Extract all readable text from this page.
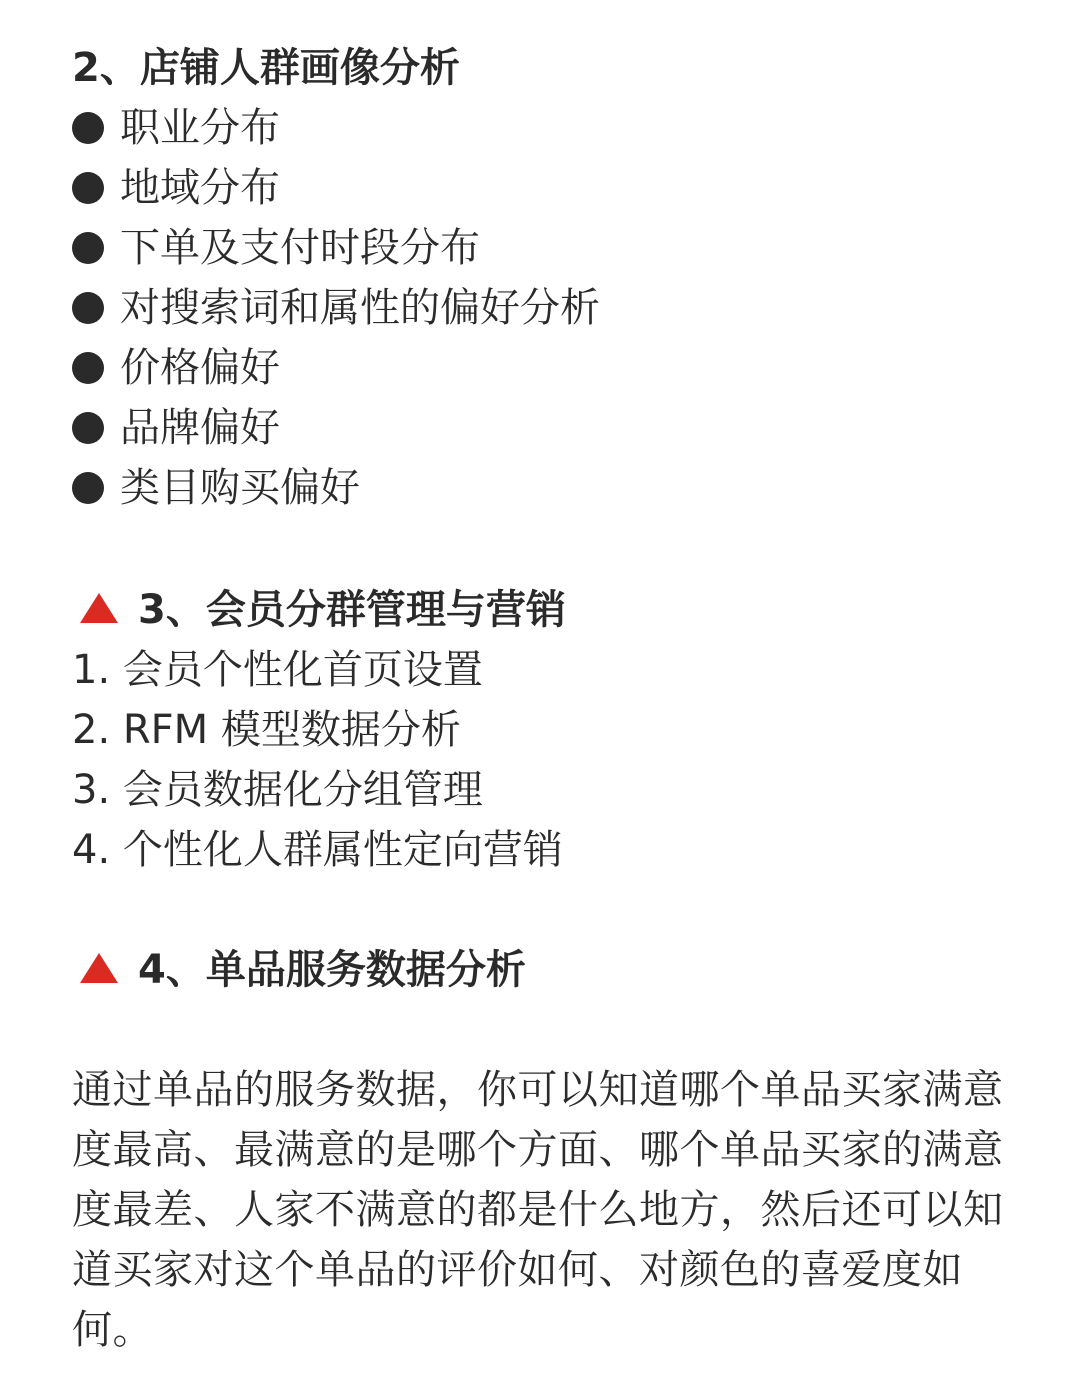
2、店铺人群画像分析
职业分布
地域分布
下单及支付时段分布
对搜索词和属性的偏好分析
价格偏好
品牌偏好
类目购买偏好
3、会员分群管理与营销
1. 会员个性化首页设置
2. RFM 模型数据分析
3. 会员数据化分组管理
4. 个性化人群属性定向营销
4、单品服务数据分析

通过单品的服务数据，你可以知道哪个单品买家满意度最高、最满意的是哪个方面、哪个单品买家的满意度最差、人家不满意的都是什么地方，然后还可以知道买家对这个单品的评价如何、对颜色的喜爱度如何。
